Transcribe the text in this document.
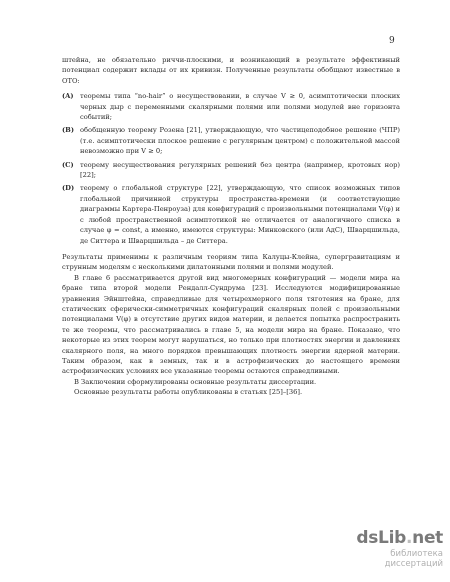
9

штейна, не обязательно риччи-плоскими, и возникающий в результате эффективный потенциал содержит вклады от их кривизн. Полученные результаты обобщают известные в ОТО:

(A) теоремы типа “no-hair” о несуществовании, в случае V ≥ 0, асимптотически плоских черных дыр с переменными скалярными полями или полями модулей вне горизонта событий;
(B) обобщенную теорему Розена [21], утверждающую, что частицеподобное решение (ЧПР) (т.е. асимптотически плоское решение с регулярным центром) с положительной массой невозможно при V ≥ 0;
(C) теорему несуществования регулярных решений без центра (например, кротовых нор) [22];
(D) теорему о глобальной структуре [22], утверждающую, что список возможных типов глобальной причинной структуры пространства-времени (и соответствующие диаграммы Картера-Пенроуза) для конфигураций с произвольными потенциалами V(φ) и с любой пространственной асимптотикой не отличается от аналогичного списка в случае φ = const, а именно, имеются структуры: Минковского (или AдС), Шварцшильда, де Ситтера и Шварцшильда – де Ситтера.

Результаты применимы к различным теориям типа Калуцы-Клейна, супергравитациям и струнным моделям с несколькими дилатонными полями и полями модулей.

В главе 6 рассматривается другой вид многомерных конфигураций — модели мира на бране типа второй модели Рендалл-Сундрума [23]. Исследуются модифицированные уравнения Эйнштейна, справедливые для четырехмерного поля тяготения на бране, для статических сферически-симметричных конфигураций скалярных полей с произвольными потенциалами V(φ) в отсутствие других видов материи, и делается попытка распространить те же теоремы, что рассматривались в главе 5, на модели мира на бране. Показано, что некоторые из этих теорем могут нарушаться, но только при плотностях энергии и давлениях скалярного поля, на много порядков превышающих плотность энергии ядерной материи. Таким образом, как в земных, так и в астрофизических до настоящего времени астрофизических условиях все указанные теоремы остаются справедливыми.

В Заключении сформулированы основные результаты диссертации.

Основные результаты работы опубликованы в статьях [25]–[36].

dsLib.net
библиотека диссертаций
